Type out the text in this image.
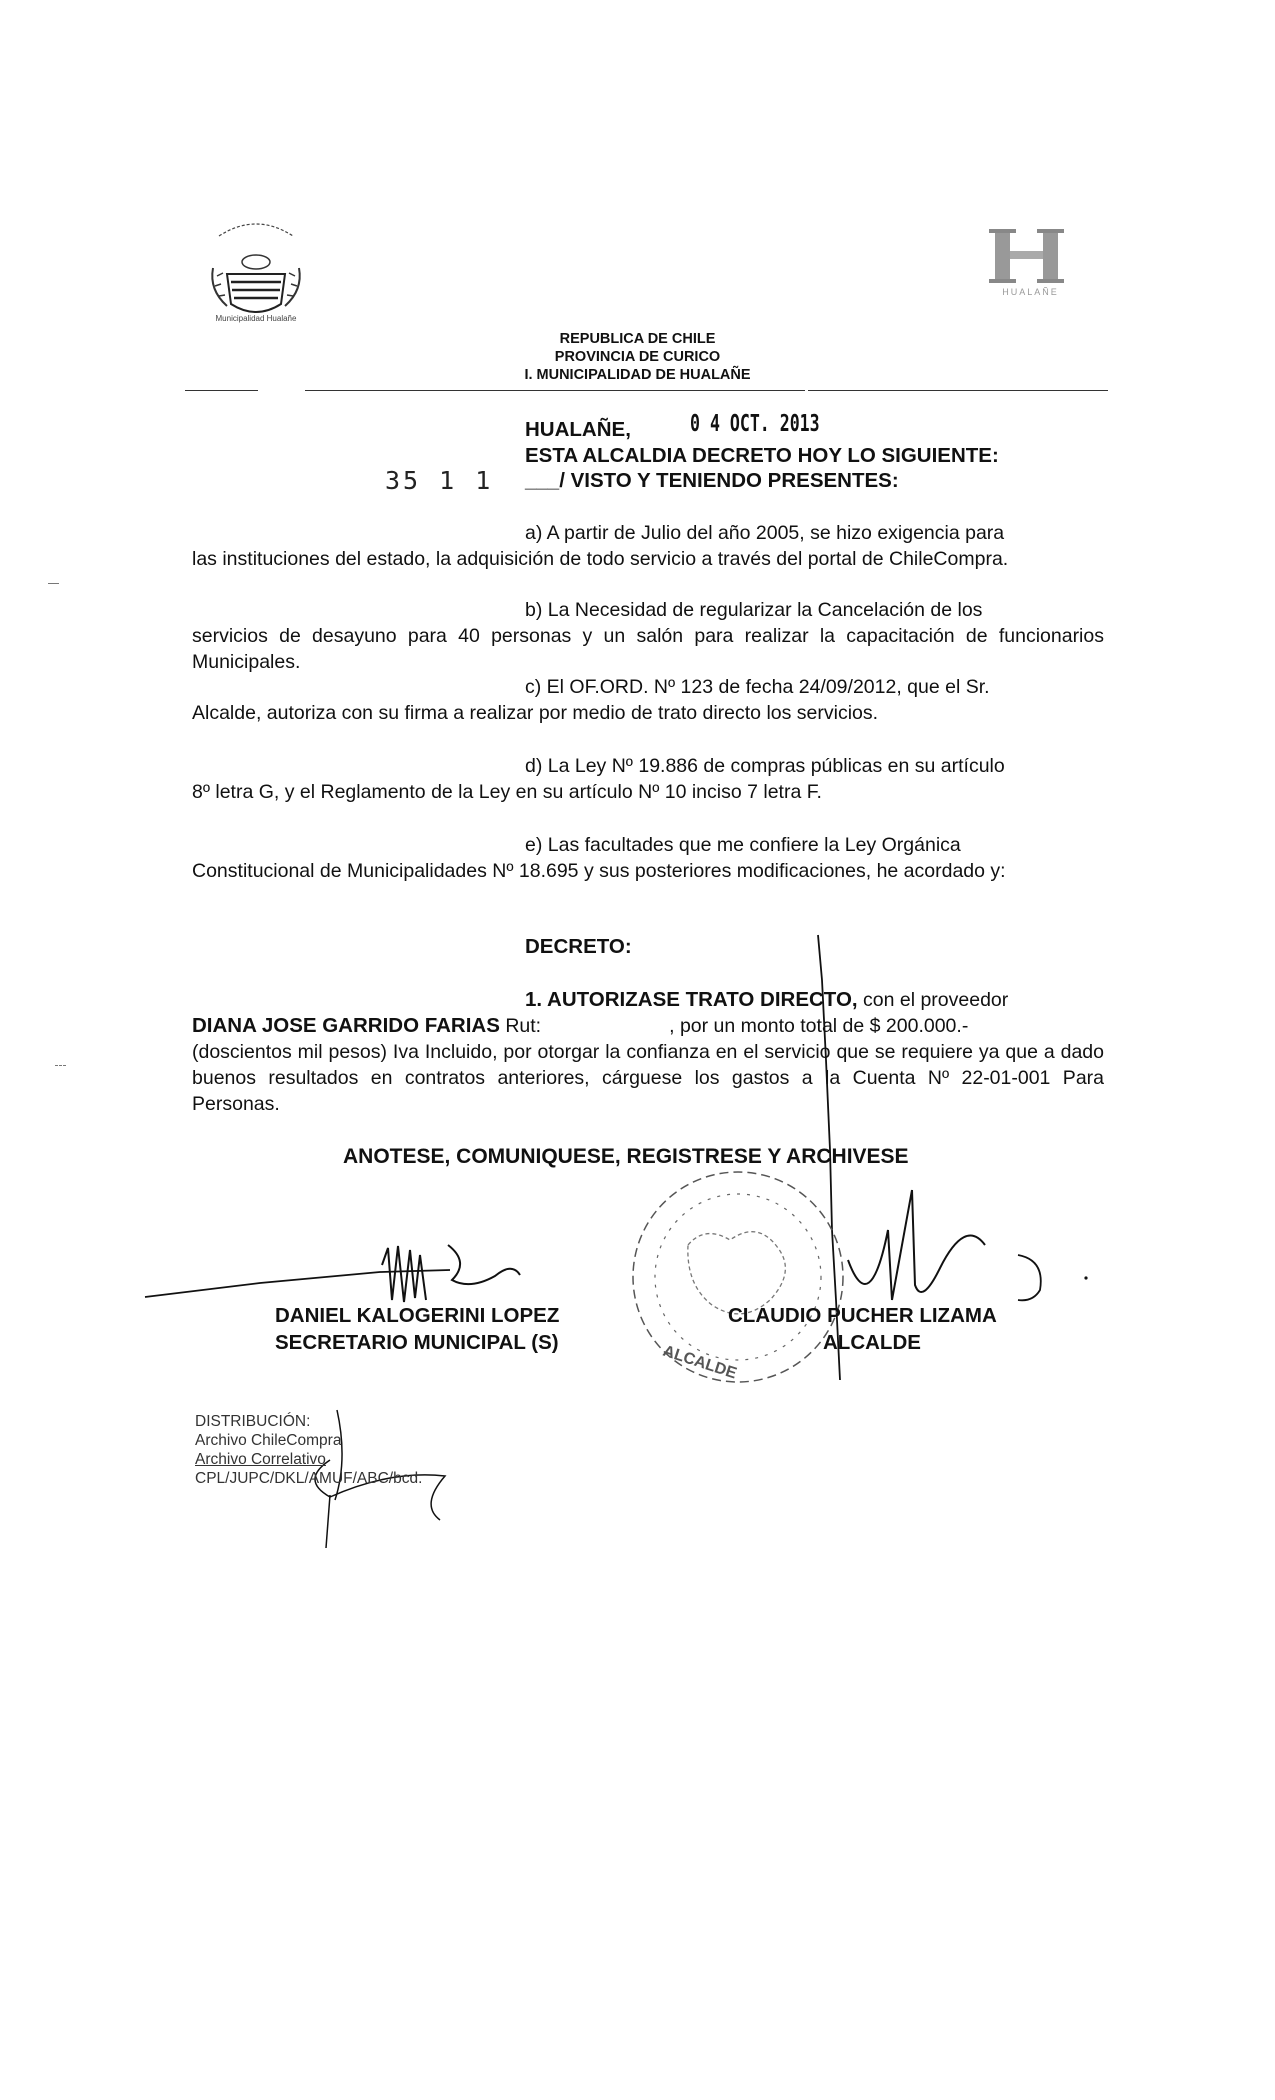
Municipalidad Hualañe
HUALAÑE
REPUBLICA DE CHILE
PROVINCIA DE CURICO
I. MUNICIPALIDAD DE HUALAÑE
HUALAÑE,	0 4 OCT. 2013
ESTA ALCALDIA DECRETO HOY LO SIGUIENTE:
35 1 1 ___/ VISTO Y TENIENDO PRESENTES:
a) A partir de Julio del año 2005, se hizo exigencia para
las instituciones del estado, la adquisición de todo servicio a través del portal de ChileCompra.
b) La Necesidad de regularizar la Cancelación de los
servicios de desayuno para 40 personas y un salón para realizar la capacitación de funcionarios Municipales.
c) El OF.ORD. Nº 123 de fecha 24/09/2012, que el Sr.
Alcalde, autoriza con su firma a realizar por medio de trato directo los servicios.
d) La Ley Nº 19.886 de compras públicas en su artículo
8º letra G, y el Reglamento de la Ley en su artículo Nº 10 inciso 7 letra F.
e) Las facultades que me confiere la Ley Orgánica
Constitucional de Municipalidades Nº 18.695 y sus posteriores modificaciones, he acordado y:
DECRETO:
1. AUTORIZASE TRATO DIRECTO, con el proveedor
DIANA JOSE GARRIDO FARIAS Rut:	, por un monto total de $ 200.000.-
(doscientos mil pesos) Iva Incluido, por otorgar la confianza en el servicio que se requiere ya que a dado buenos resultados en contratos anteriores, cárguese los gastos a la Cuenta Nº 22-01-001 Para Personas.
ANOTESE, COMUNIQUESE, REGISTRESE Y ARCHIVESE
ALCALDE
DANIEL KALOGERINI LOPEZ
SECRETARIO MUNICIPAL (S)
CLAUDIO PUCHER LIZAMA
ALCALDE
DISTRIBUCIÓN:
Archivo ChileCompra
Archivo Correlativo
CPL/JUPC/DKL/AMUF/ABC/bcd.
